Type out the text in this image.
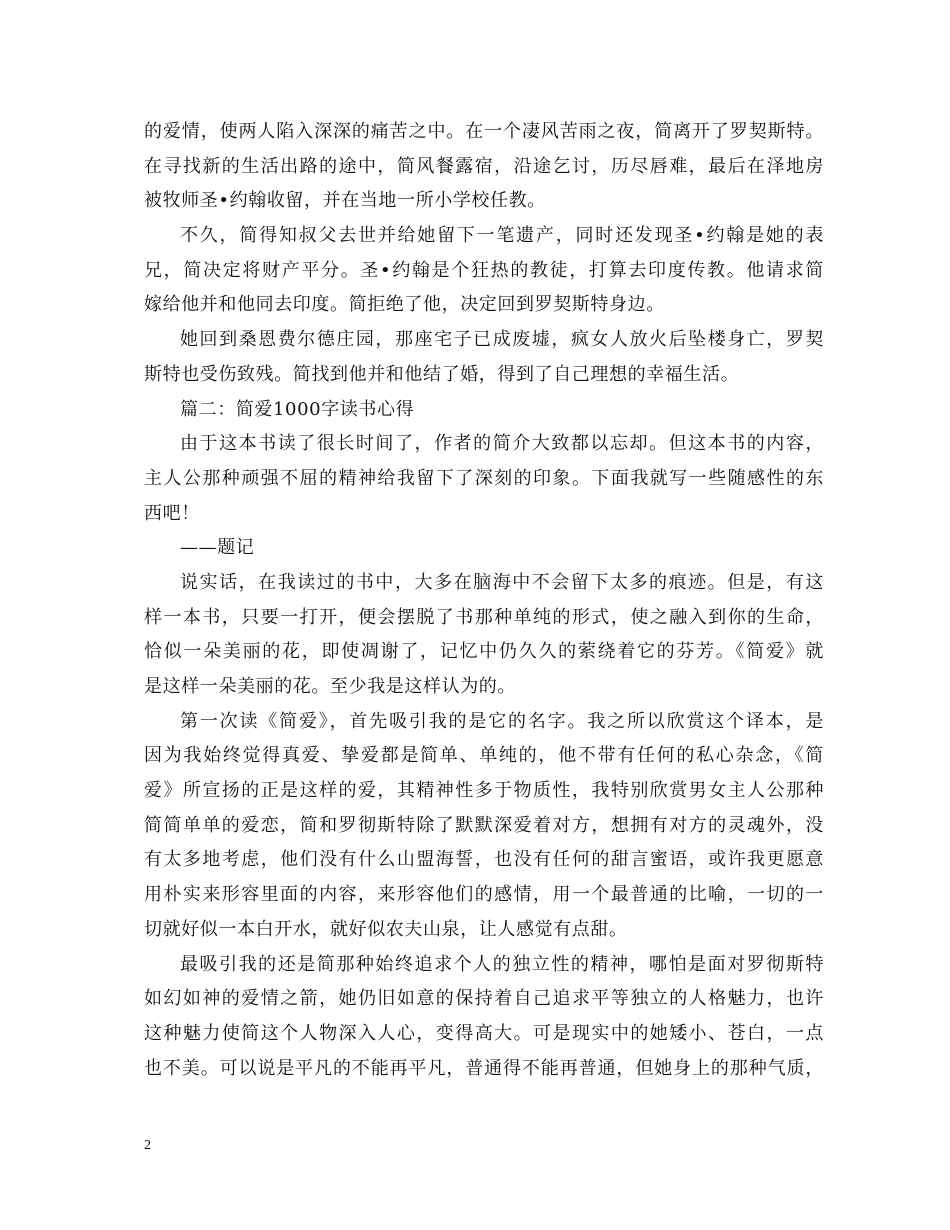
的爱情，使两人陷入深深的痛苦之中。在一个凄风苦雨之夜，简离开了罗契斯特。
在寻找新的生活出路的途中，简风餐露宿，沿途乞讨，历尽唇难，最后在泽地房
被牧师圣•约翰收留，并在当地一所小学校任教。
不久，简得知叔父去世并给她留下一笔遗产，同时还发现圣•约翰是她的表
兄，简决定将财产平分。圣•约翰是个狂热的教徒，打算去印度传教。他请求简
嫁给他并和他同去印度。简拒绝了他，决定回到罗契斯特身边。
她回到桑恩费尔德庄园，那座宅子已成废墟，疯女人放火后坠楼身亡，罗契
斯特也受伤致残。简找到他并和他结了婚，得到了自己理想的幸福生活。
篇二：简爱1000字读书心得
由于这本书读了很长时间了，作者的简介大致都以忘却。但这本书的内容，
主人公那种顽强不屈的精神给我留下了深刻的印象。下面我就写一些随感性的东
西吧！
——题记
说实话，在我读过的书中，大多在脑海中不会留下太多的痕迹。但是，有这
样一本书，只要一打开，便会摆脱了书那种单纯的形式，使之融入到你的生命，
恰似一朵美丽的花，即使凋谢了，记忆中仍久久的萦绕着它的芬芳。《简爱》就
是这样一朵美丽的花。至少我是这样认为的。
第一次读《简爱》，首先吸引我的是它的名字。我之所以欣赏这个译本，是
因为我始终觉得真爱、挚爱都是简单、单纯的，他不带有任何的私心杂念，《简
爱》所宣扬的正是这样的爱，其精神性多于物质性，我特别欣赏男女主人公那种
简简单单的爱恋，简和罗彻斯特除了默默深爱着对方，想拥有对方的灵魂外，没
有太多地考虑，他们没有什么山盟海誓，也没有任何的甜言蜜语，或许我更愿意
用朴实来形容里面的内容，来形容他们的感情，用一个最普通的比喻，一切的一
切就好似一本白开水，就好似农夫山泉，让人感觉有点甜。
最吸引我的还是简那种始终追求个人的独立性的精神，哪怕是面对罗彻斯特
如幻如神的爱情之箭，她仍旧如意的保持着自己追求平等独立的人格魅力，也许
这种魅力使简这个人物深入人心，变得高大。可是现实中的她矮小、苍白，一点
也不美。可以说是平凡的不能再平凡，普通得不能再普通，但她身上的那种气质，
2
